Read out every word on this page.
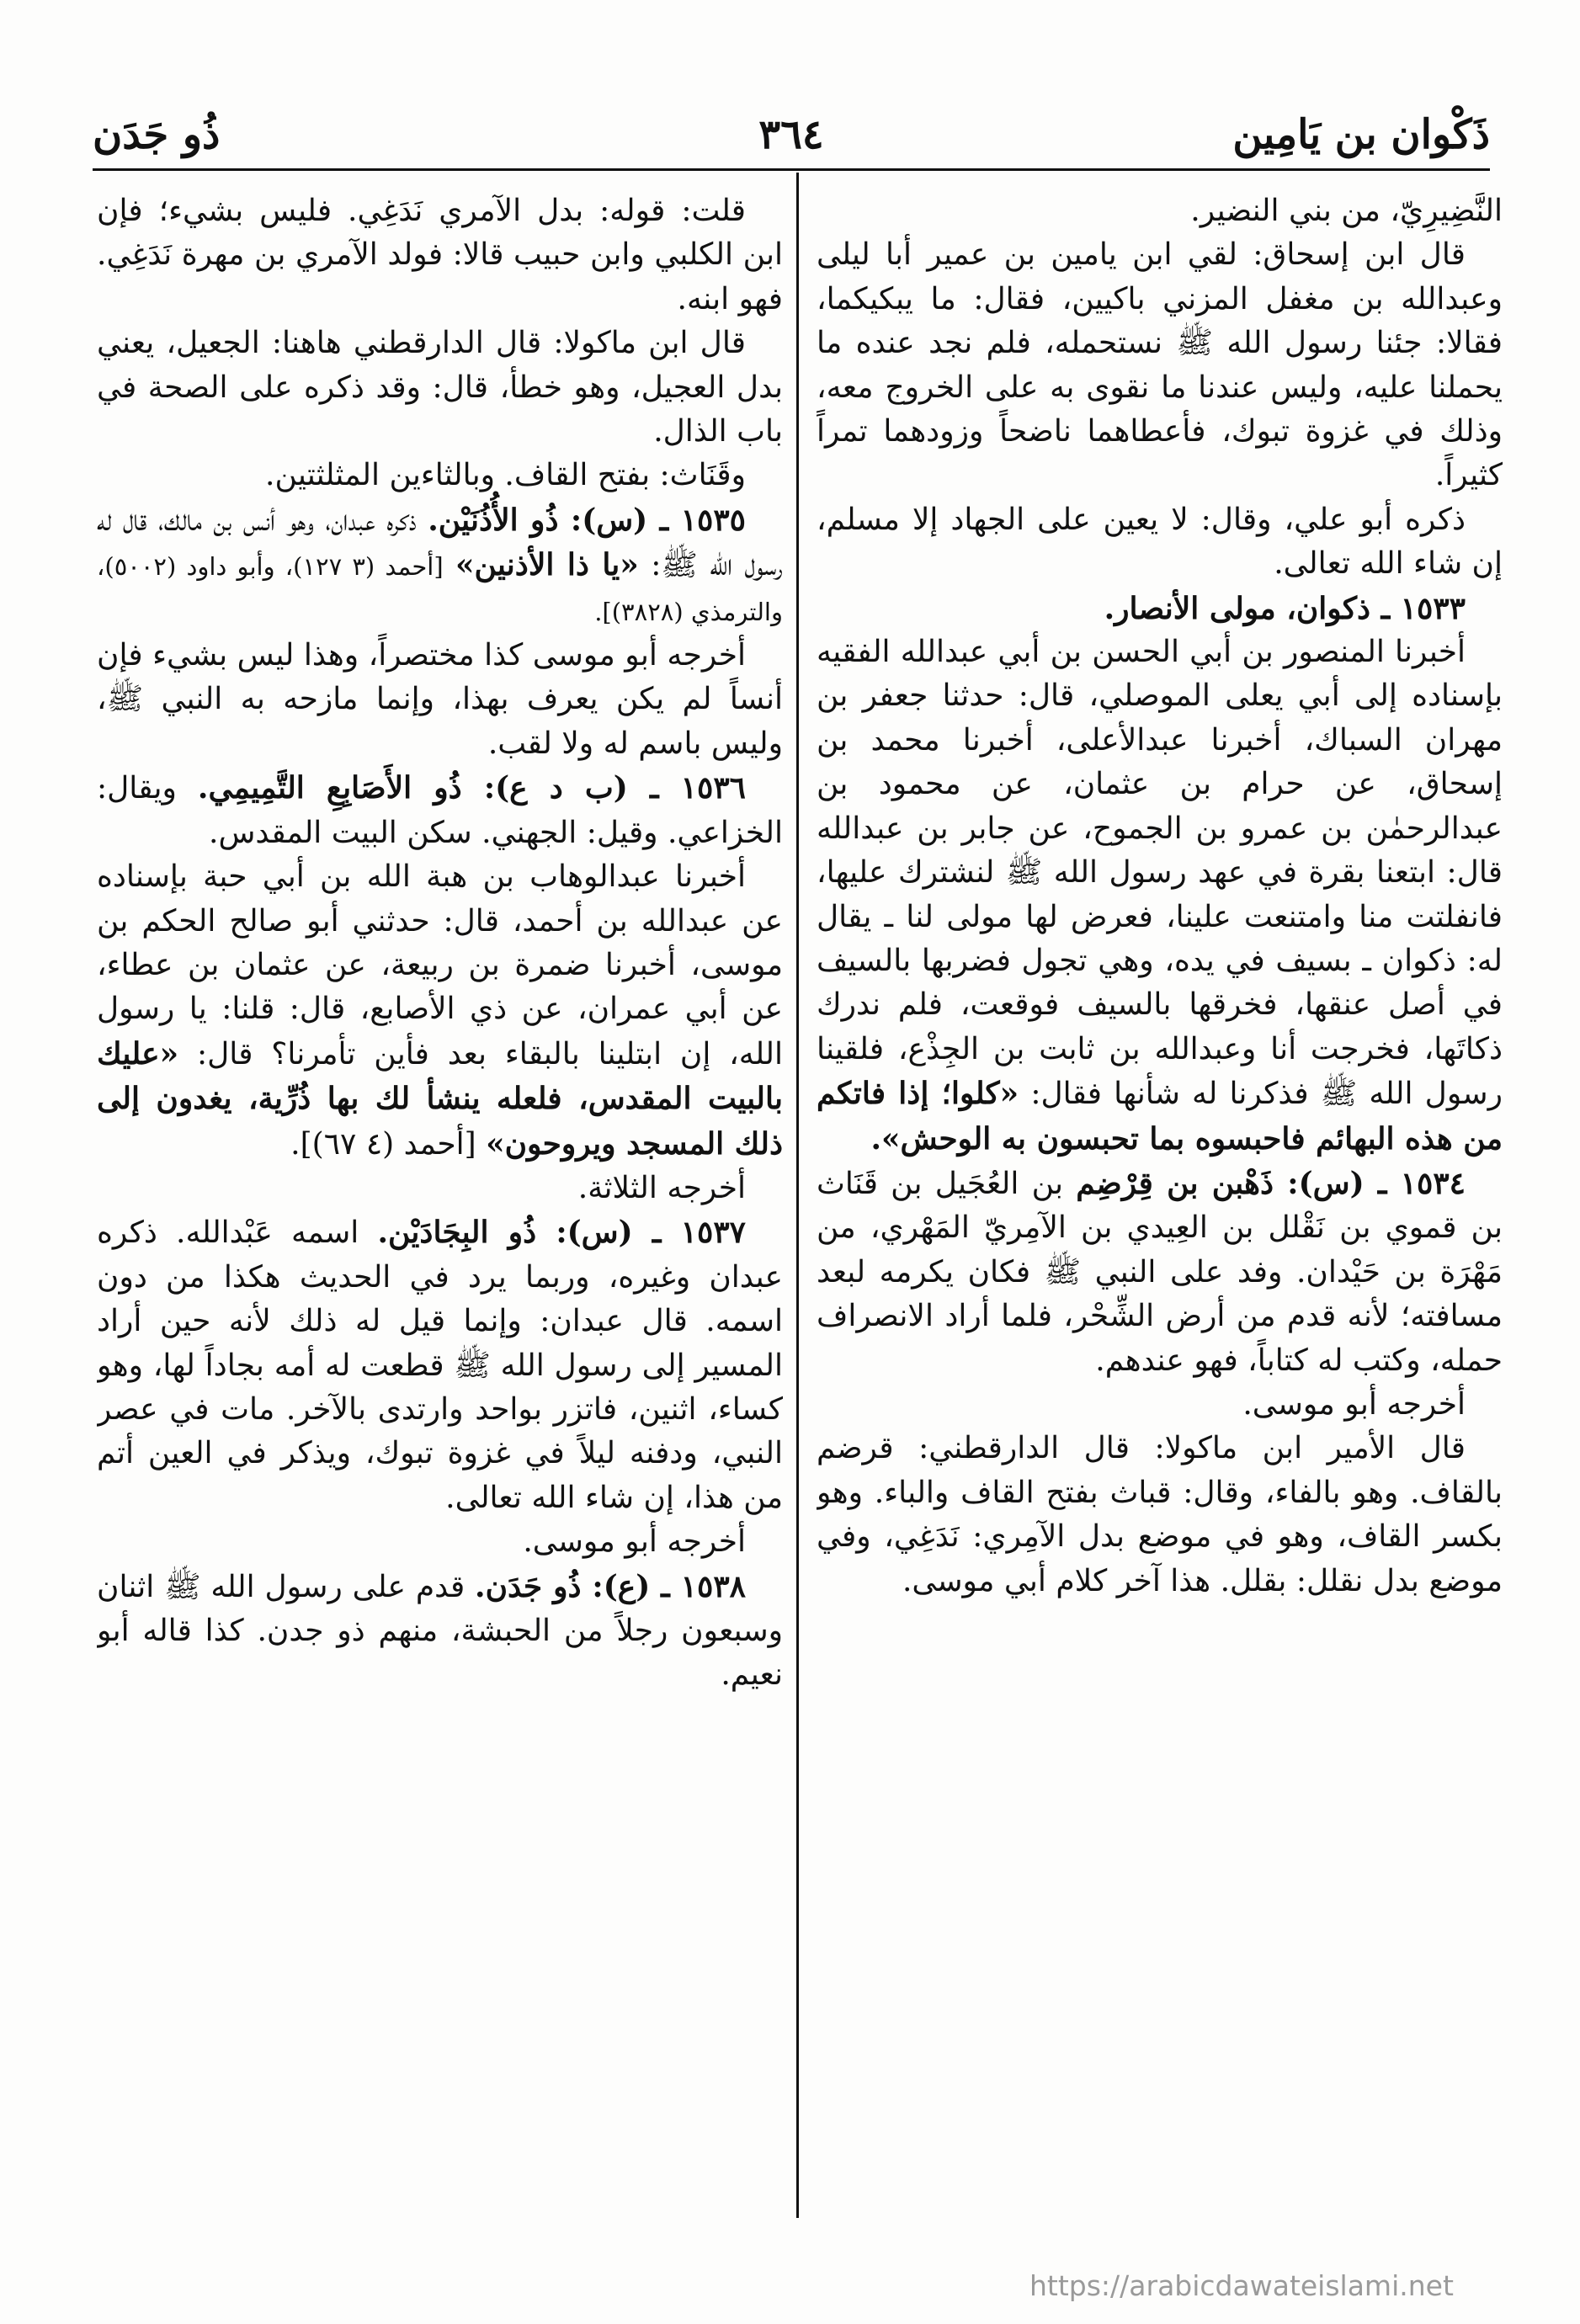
ذَكْوان بن يَامِين
٣٦٤
ذُو جَدَن

النَّضِيرِيّ، من بني النضير.

قال ابن إسحاق: لقي ابن يامين بن عمير أبا ليلى وعبدالله بن مغفل المزني باكيين، فقال: ما يبكيكما، فقالا: جئنا رسول الله ﷺ نستحمله، فلم نجد عنده ما يحملنا عليه، وليس عندنا ما نقوى به على الخروج معه، وذلك في غزوة تبوك، فأعطاهما ناضحاً وزودهما تمراً كثيراً.

ذكره أبو علي، وقال: لا يعين على الجهاد إلا مسلم، إن شاء الله تعالى.

١٥٣٣ ـ ذكوان، مولى الأنصار.

أخبرنا المنصور بن أبي الحسن بن أبي عبدالله الفقيه بإسناده إلى أبي يعلى الموصلي، قال: حدثنا جعفر بن مهران السباك، أخبرنا عبدالأعلى، أخبرنا محمد بن إسحاق، عن حرام بن عثمان، عن محمود بن عبدالرحمٰن بن عمرو بن الجموح، عن جابر بن عبدالله قال: ابتعنا بقرة في عهد رسول الله ﷺ لنشترك عليها، فانفلتت منا وامتنعت علينا، فعرض لها مولى لنا ـ يقال له: ذكوان ـ بسيف في يده، وهي تجول فضربها بالسيف في أصل عنقها، فخرقها بالسيف فوقعت، فلم ندرك ذكاتَها، فخرجت أنا وعبدالله بن ثابت بن الجِذْع، فلقينا رسول الله ﷺ فذكرنا له شأنها فقال: «كلوا؛ إذا فاتكم من هذه البهائم فاحبسوه بما تحبسون به الوحش».

١٥٣٤ ـ (س): ذَهْبن بن قِرْضِم بن العُجَيل بن قَنَاث بن قموي بن نَقْلل بن العِيدي بن الآمِريّ المَهْري، من مَهْرَة بن حَيْدان. وفد على النبي ﷺ فكان يكرمه لبعد مسافته؛ لأنه قدم من أرض الشِّحْر، فلما أراد الانصراف حمله، وكتب له كتاباً، فهو عندهم.

أخرجه أبو موسى.

قال الأمير ابن ماكولا: قال الدارقطني: قرضم بالقاف. وهو بالفاء، وقال: قباث بفتح القاف والباء. وهو بكسر القاف، وهو في موضع بدل الآمِري: نَدَغِي، وفي موضع بدل نقلل: بقلل. هذا آخر كلام أبي موسى.

قلت: قوله: بدل الآمري نَدَغِي. فليس بشيء؛ فإن ابن الكلبي وابن حبيب قالا: فولد الآمري بن مهرة نَدَغِي. فهو ابنه.

قال ابن ماكولا: قال الدارقطني هاهنا: الجعيل، يعني بدل العجيل، وهو خطأ، قال: وقد ذكره على الصحة في باب الذال.

وقَنَاث: بفتح القاف. وبالثاءين المثلثتين.

١٥٣٥ ـ (س): ذُو الأُذُنَيْن. ذكره عبدان، وهو أنس بن مالك، قال له رسول الله ﷺ: «يا ذا الأذنين» [أحمد (٣ ١٢٧)، وأبو داود (٥٠٠٢)، والترمذي (٣٨٢٨)].

أخرجه أبو موسى كذا مختصراً، وهذا ليس بشيء فإن أنساً لم يكن يعرف بهذا، وإنما مازحه به النبي ﷺ، وليس باسم له ولا لقب.

١٥٣٦ ـ (ب د ع): ذُو الأَصَابِعِ التَّمِيمِي. ويقال: الخزاعي. وقيل: الجهني. سكن البيت المقدس.

أخبرنا عبدالوهاب بن هبة الله بن أبي حبة بإسناده عن عبدالله بن أحمد، قال: حدثني أبو صالح الحكم بن موسى، أخبرنا ضمرة بن ربيعة، عن عثمان بن عطاء، عن أبي عمران، عن ذي الأصابع، قال: قلنا: يا رسول الله، إن ابتلينا بالبقاء بعد فأين تأمرنا؟ قال: «عليك بالبيت المقدس، فلعله ينشأ لك بها ذُرِّية، يغدون إلى ذلك المسجد ويروحون» [أحمد (٤ ٦٧)].

أخرجه الثلاثة.

١٥٣٧ ـ (س): ذُو البِجَادَيْن. اسمه عَبْدالله. ذكره عبدان وغيره، وربما يرد في الحديث هكذا من دون اسمه. قال عبدان: وإنما قيل له ذلك لأنه حين أراد المسير إلى رسول الله ﷺ قطعت له أمه بجاداً لها، وهو كساء، اثنين، فاتزر بواحد وارتدى بالآخر. مات في عصر النبي، ودفنه ليلاً في غزوة تبوك، ويذكر في العين أتم من هذا، إن شاء الله تعالى.

أخرجه أبو موسى.

١٥٣٨ ـ (ع): ذُو جَدَن. قدم على رسول الله ﷺ اثنان وسبعون رجلاً من الحبشة، منهم ذو جدن. كذا قاله أبو نعيم.

https://arabicdawateislami.net
